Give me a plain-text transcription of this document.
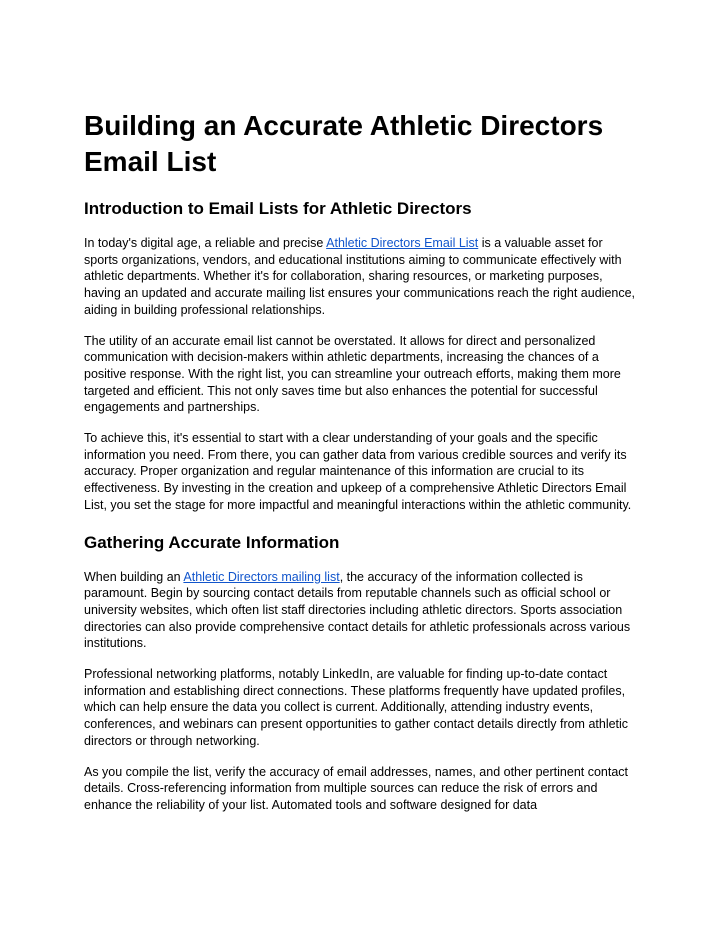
Building an Accurate Athletic Directors Email List
Introduction to Email Lists for Athletic Directors

In today's digital age, a reliable and precise Athletic Directors Email List is a valuable asset for sports organizations, vendors, and educational institutions aiming to communicate effectively with athletic departments. Whether it's for collaboration, sharing resources, or marketing purposes, having an updated and accurate mailing list ensures your communications reach the right audience, aiding in building professional relationships.

The utility of an accurate email list cannot be overstated. It allows for direct and personalized communication with decision-makers within athletic departments, increasing the chances of a positive response. With the right list, you can streamline your outreach efforts, making them more targeted and efficient. This not only saves time but also enhances the potential for successful engagements and partnerships.

To achieve this, it's essential to start with a clear understanding of your goals and the specific information you need. From there, you can gather data from various credible sources and verify its accuracy. Proper organization and regular maintenance of this information are crucial to its effectiveness. By investing in the creation and upkeep of a comprehensive Athletic Directors Email List, you set the stage for more impactful and meaningful interactions within the athletic community.

Gathering Accurate Information

When building an Athletic Directors mailing list, the accuracy of the information collected is paramount. Begin by sourcing contact details from reputable channels such as official school or university websites, which often list staff directories including athletic directors. Sports association directories can also provide comprehensive contact details for athletic professionals across various institutions.

Professional networking platforms, notably LinkedIn, are valuable for finding up-to-date contact information and establishing direct connections. These platforms frequently have updated profiles, which can help ensure the data you collect is current. Additionally, attending industry events, conferences, and webinars can present opportunities to gather contact details directly from athletic directors or through networking.

As you compile the list, verify the accuracy of email addresses, names, and other pertinent contact details. Cross-referencing information from multiple sources can reduce the risk of errors and enhance the reliability of your list. Automated tools and software designed for data
